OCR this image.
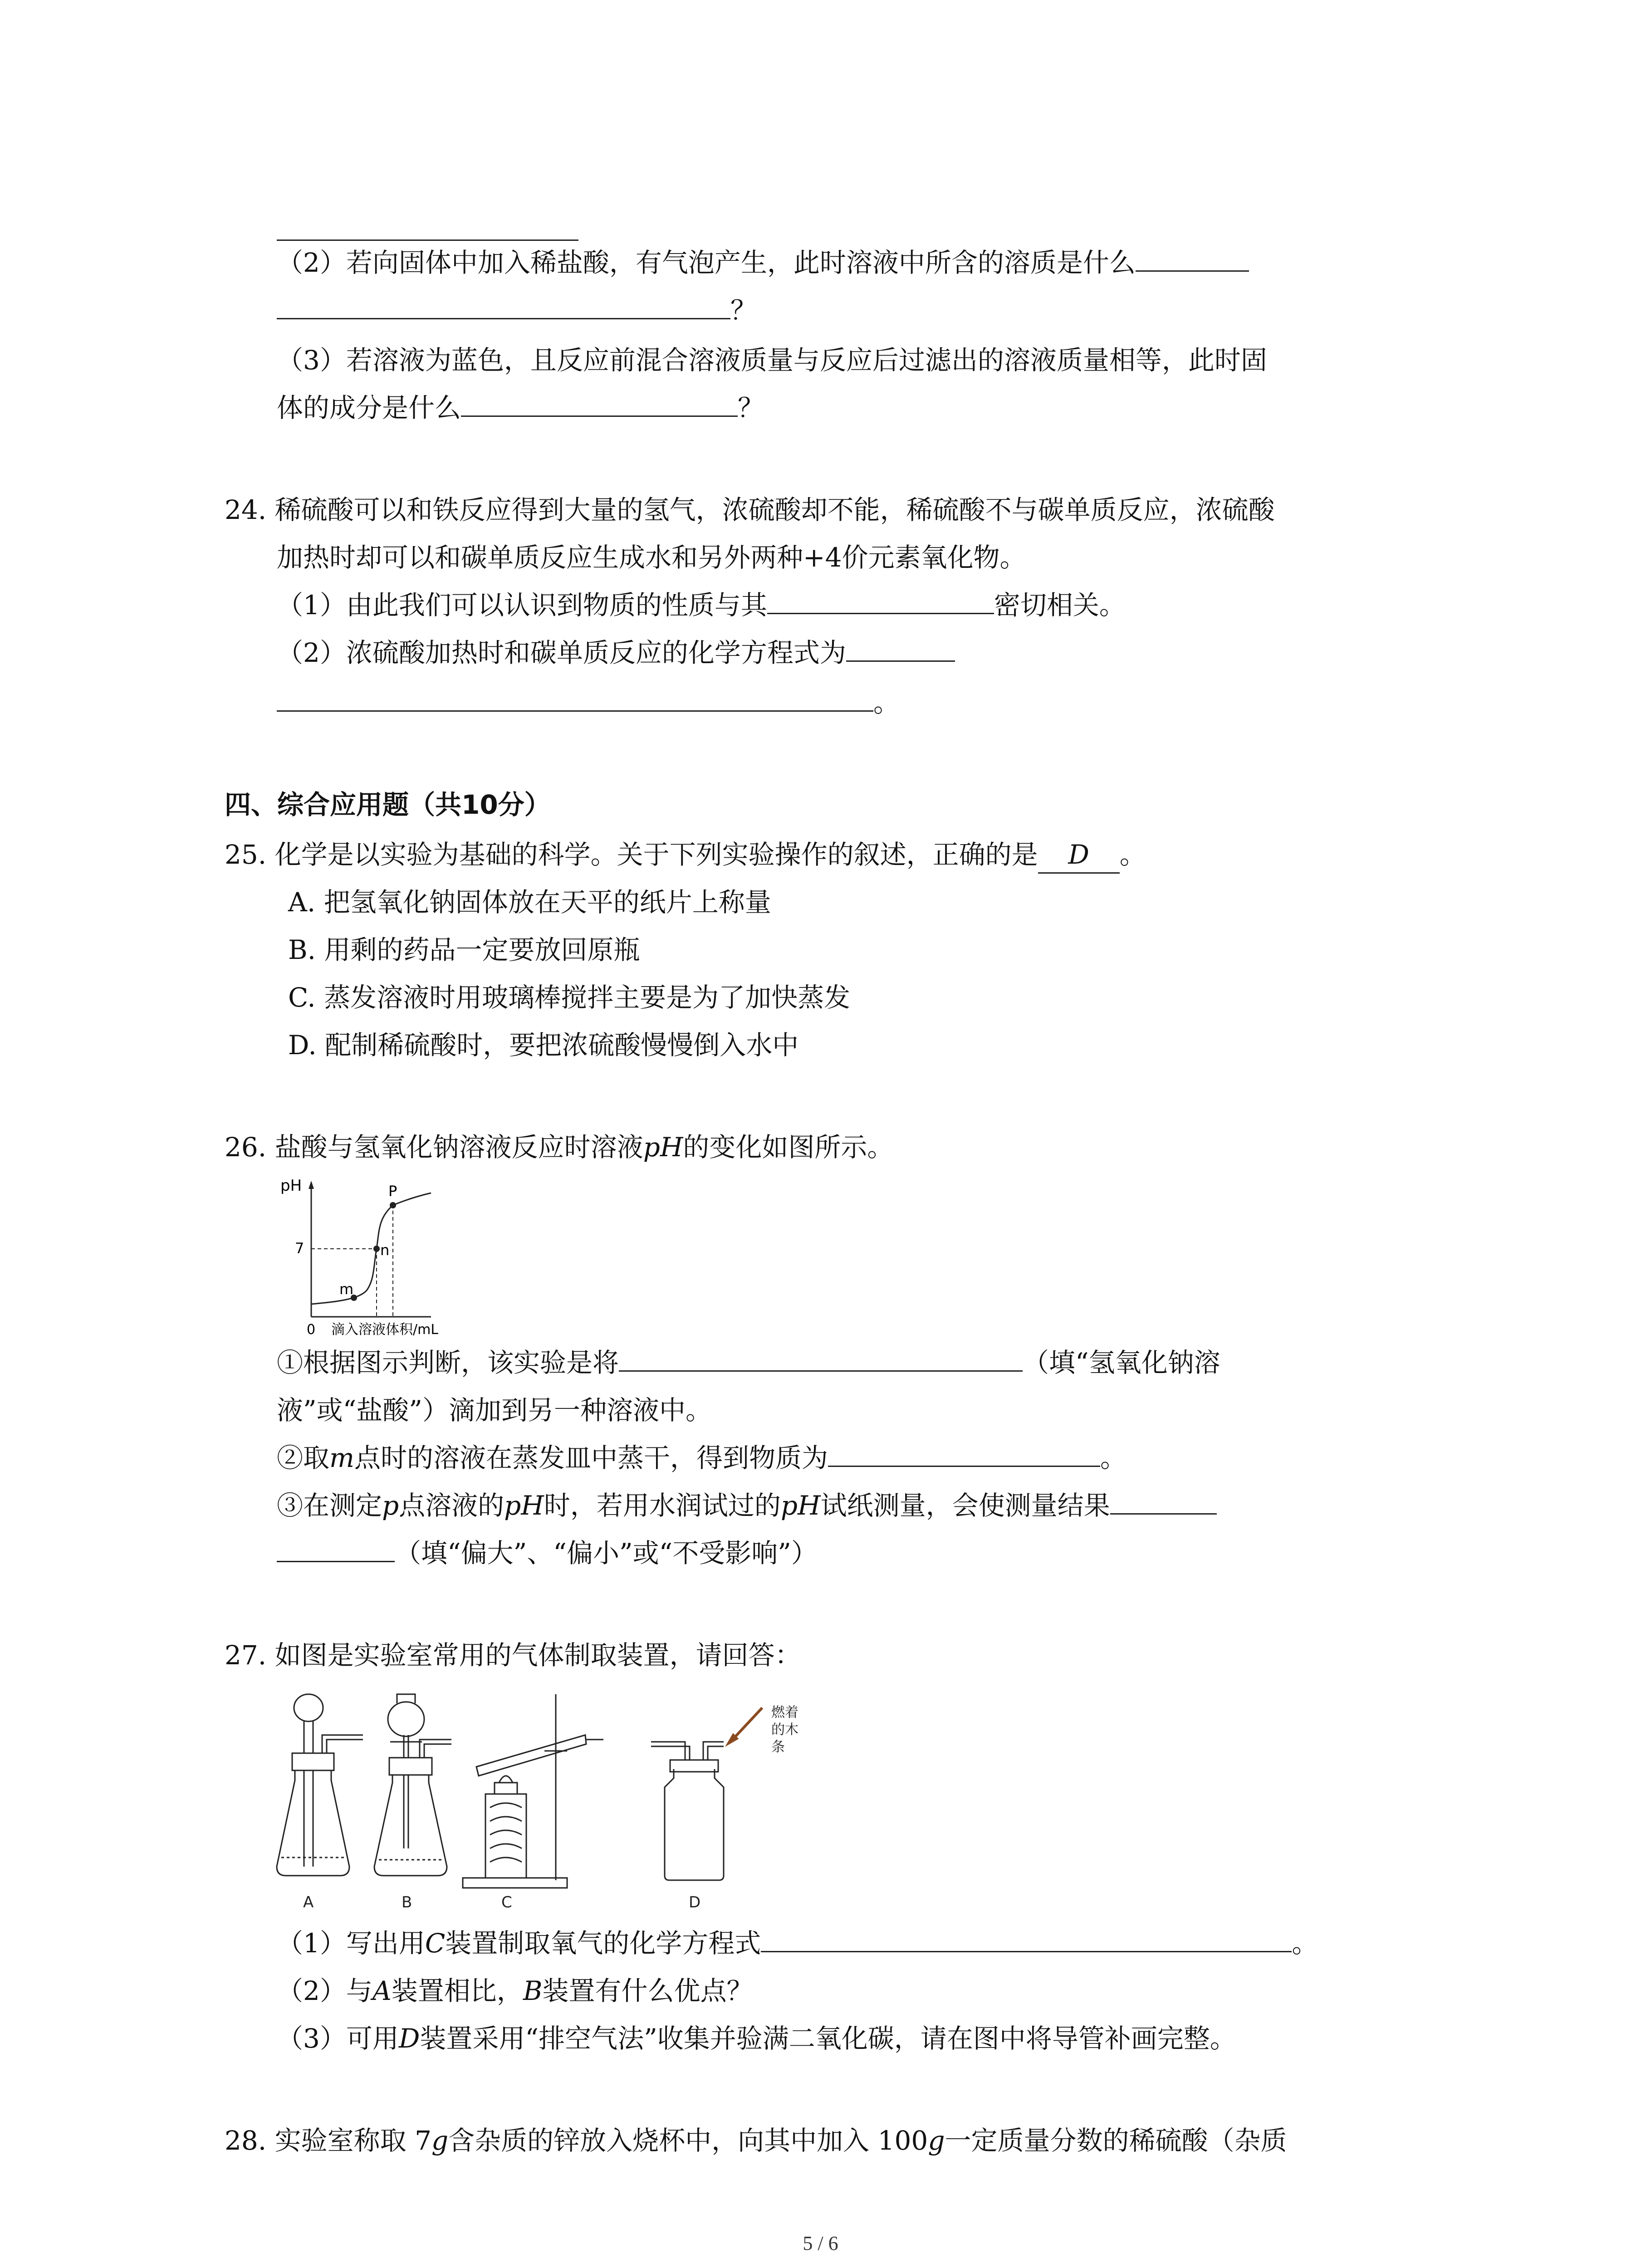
（2）若向固体中加入稀盐酸，有气泡产生，此时溶液中所含的溶质是什么
？
（3）若溶液为蓝色，且反应前混合溶液质量与反应后过滤出的溶液质量相等，此时固
体的成分是什么	？
24. 稀硫酸可以和铁反应得到大量的氢气，浓硫酸却不能，稀硫酸不与碳单质反应，浓硫酸
加热时却可以和碳单质反应生成水和另外两种+4价元素氧化物。
（1）由此我们可以认识到物质的性质与其	密切相关。
（2）浓硫酸加热时和碳单质反应的化学方程式为
。
四、综合应用题（共10分）
25. 化学是以实验为基础的科学。关于下列实验操作的叙述，正确的是 D 。
A. 把氢氧化钠固体放在天平的纸片上称量
B. 用剩的药品一定要放回原瓶
C. 蒸发溶液时用玻璃棒搅拌主要是为了加快蒸发
D. 配制稀硫酸时，要把浓硫酸慢慢倒入水中
26. 盐酸与氢氧化钠溶液反应时溶液pH的变化如图所示。
pH
7
m
n
P
0 滴入溶液体积/mL
①根据图示判断，该实验是将	（填“氢氧化钠溶
液”或“盐酸”）滴加到另一种溶液中。
②取m点时的溶液在蒸发皿中蒸干，得到物质为	。
③在测定p点溶液的pH时，若用水润试过的pH试纸测量，会使测量结果
（填“偏大”、“偏小”或“不受影响”）
27. 如图是实验室常用的气体制取装置，请回答：
燃着
的木
条
A	B	C	D
（1）写出用C装置制取氧气的化学方程式	。
（2）与A装置相比，B装置有什么优点？
（3）可用D装置采用“排空气法”收集并验满二氧化碳，请在图中将导管补画完整。
28. 实验室称取 7g含杂质的锌放入烧杯中，向其中加入 100g一定质量分数的稀硫酸（杂质
5 / 6
